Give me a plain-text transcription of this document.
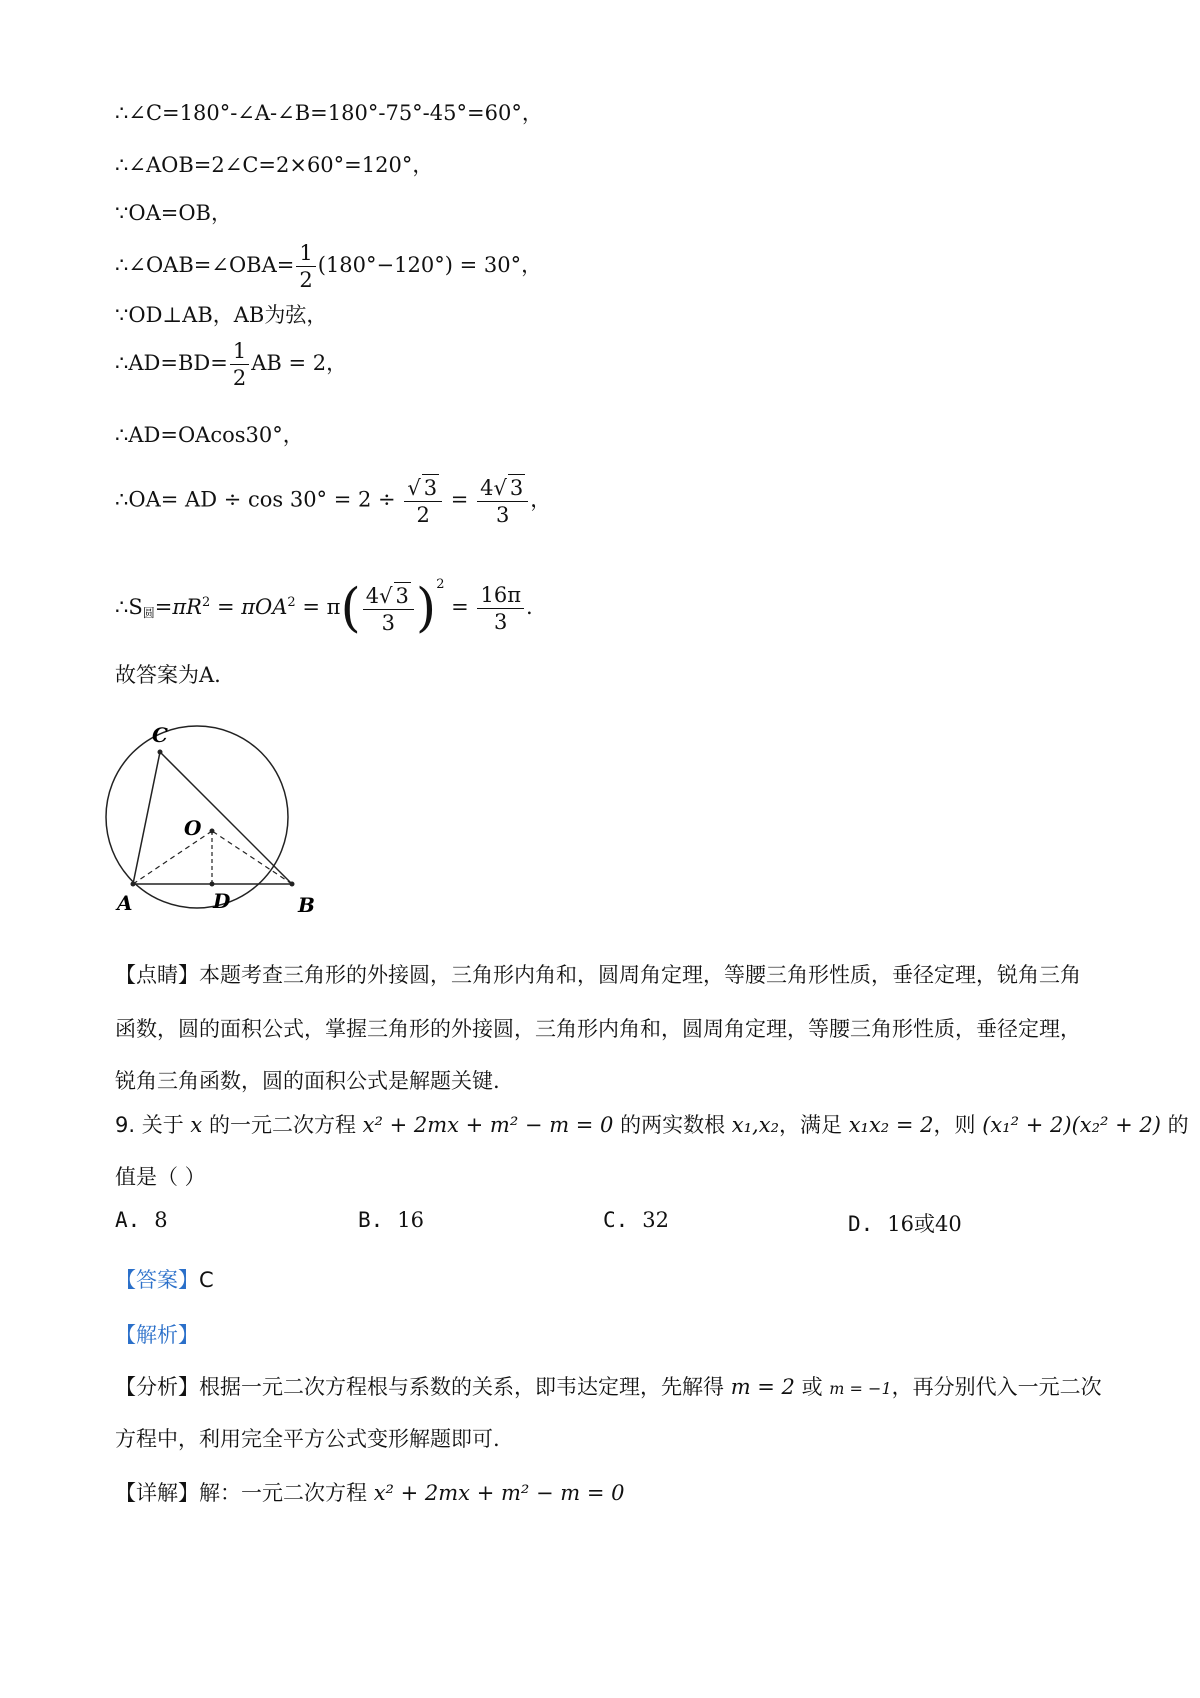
∴∠C=180°-∠A-∠B=180°-75°-45°=60°，
∴∠AOB=2∠C=2×60°=120°，
∵OA=OB，
∴∠OAB=∠OBA= $\frac{1}{2} (180^\circ-120^\circ) = 30^\circ$，
∵OD⊥AB，AB为弦，
∴AD=BD= $\frac{1}{2}$ AB = 2，
∴AD=OAcos30°，
∴OA= AD ÷ $\cos 30^\circ = 2 \div \frac{√ 3}{2} = \frac{4√ 3}{3}$ ，
∴S圆$=\pi R^2 = \pi OA^2 = \pi( \frac{4√ 3}{3} )^2 = \frac{16\pi}{3}$ .
故答案为A.
C
O
A	B
D
【点睛】本题考查三角形的外接圆，三角形内角和，圆周角定理，等腰三角形性质，垂径定理，锐角三角
函数，圆的面积公式，掌握三角形的外接圆，三角形内角和，圆周角定理，等腰三角形性质，垂径定理，
锐角三角函数，圆的面积公式是解题关键.
9. 关于 x 的一元二次方程 x² + 2mx + m² − m = 0 的两实数根 x₁,x₂，满足 x₁x₂ = 2，则 (x₁² + 2)(x₂² + 2) 的
值是（ ）
A. 8	B. 16	C. 32	D. 16或40
【答案】C
【解析】
【分析】根据一元二次方程根与系数的关系，即韦达定理，先解得 m = 2 或 m = −1，再分别代入一元二次
方程中，利用完全平方公式变形解题即可.
【详解】解：一元二次方程 x² + 2mx + m² − m = 0
